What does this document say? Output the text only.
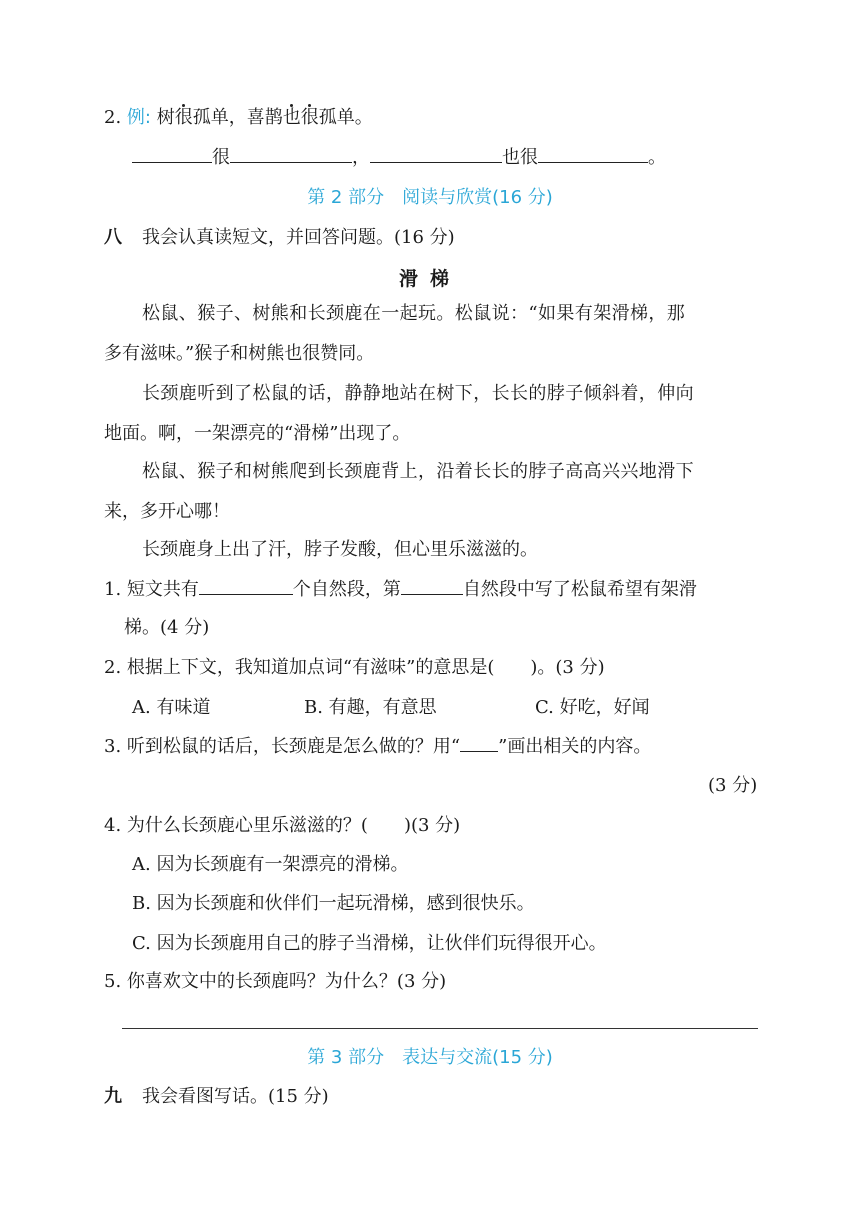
2. 例: 树很孤单，喜鹊也很孤单。
很	，	也很	。
第 2 部分　阅读与欣赏(16 分)
八 我会认真读短文，并回答问题。(16 分)
滑梯
松鼠、猴子、树熊和长颈鹿在一起玩。松鼠说：“如果有架滑梯，那
多有滋味。”猴子和树熊也很赞同。
长颈鹿听到了松鼠的话，静静地站在树下，长长的脖子倾斜着，伸向
地面。啊，一架漂亮的“滑梯”出现了。
松鼠、猴子和树熊爬到长颈鹿背上，沿着长长的脖子高高兴兴地滑下
来，多开心哪！
长颈鹿身上出了汗，脖子发酸，但心里乐滋滋的。
1. 短文共有	个自然段，第	自然段中写了松鼠希望有架滑
梯。(4 分)
2. 根据上下文，我知道加点词“有滋味”的意思是(　　)。(3 分)
A. 有味道	B. 有趣，有意思	C. 好吃，好闻
3. 听到松鼠的话后，长颈鹿是怎么做的？用“ ”画出相关的内容。
(3 分)
4. 为什么长颈鹿心里乐滋滋的？(　　)(3 分)
A. 因为长颈鹿有一架漂亮的滑梯。
B. 因为长颈鹿和伙伴们一起玩滑梯，感到很快乐。
C. 因为长颈鹿用自己的脖子当滑梯，让伙伴们玩得很开心。
5. 你喜欢文中的长颈鹿吗？为什么？(3 分)
第 3 部分　表达与交流(15 分)
九 我会看图写话。(15 分)
